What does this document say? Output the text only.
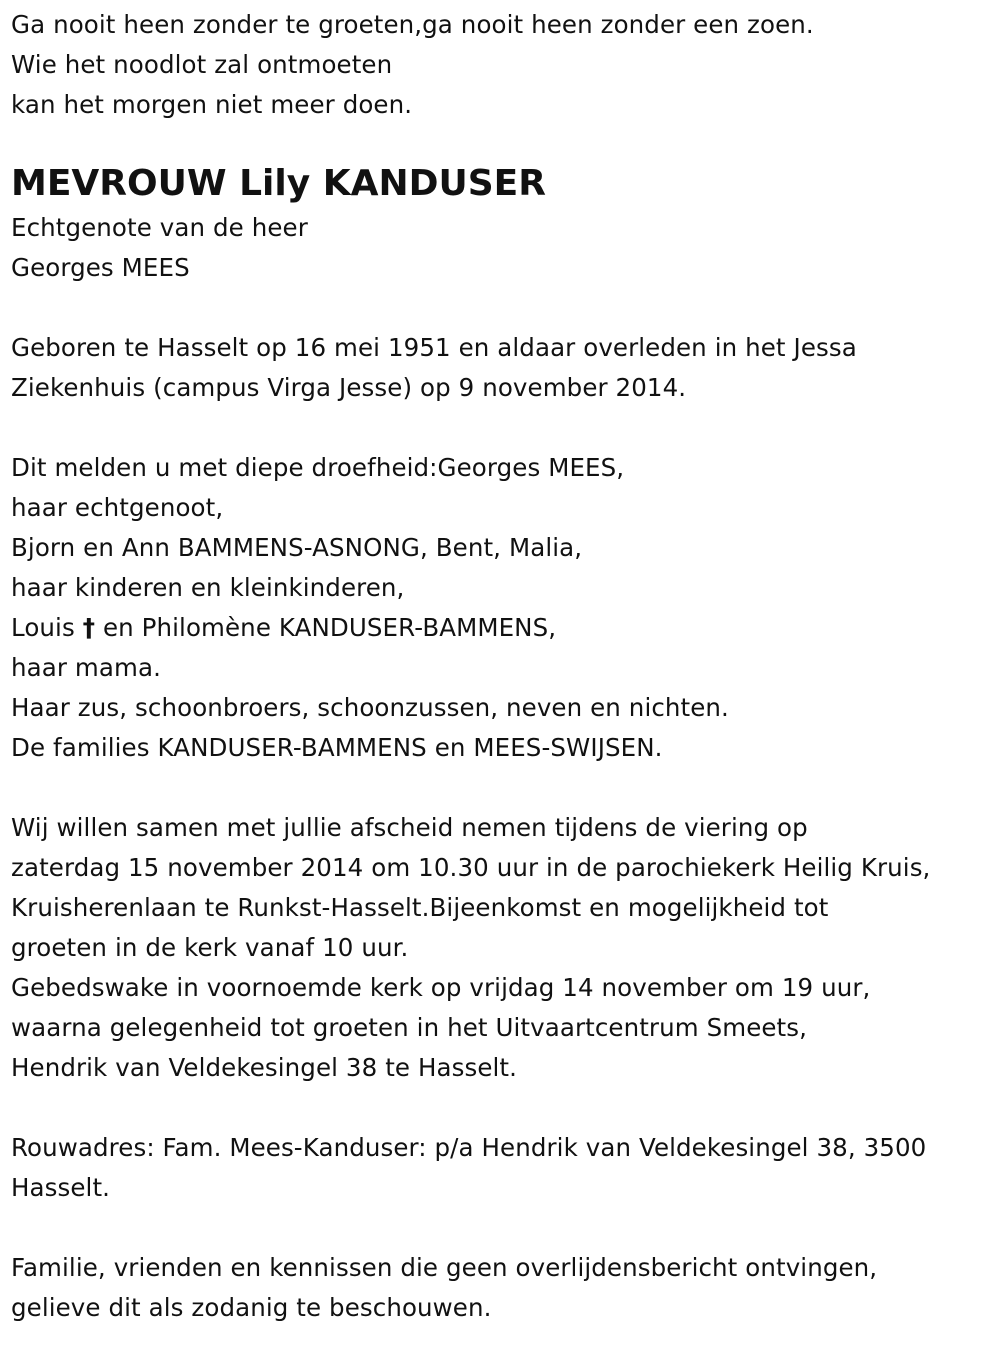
Ga nooit heen zonder te groeten,ga nooit heen zonder een zoen.
Wie het noodlot zal ontmoeten
kan het morgen niet meer doen.
MEVROUW Lily KANDUSER
Echtgenote van de heer
Georges MEES
Geboren te Hasselt op 16 mei 1951 en aldaar overleden in het Jessa
Ziekenhuis (campus Virga Jesse) op 9 november 2014.
Dit melden u met diepe droefheid:Georges MEES,
haar echtgenoot,
Bjorn en Ann BAMMENS-ASNONG, Bent, Malia,
haar kinderen en kleinkinderen,
Louis † en Philomène KANDUSER-BAMMENS,
haar mama.
Haar zus, schoonbroers, schoonzussen, neven en nichten.
De families KANDUSER-BAMMENS en MEES-SWIJSEN.
Wij willen samen met jullie afscheid nemen tijdens de viering op
zaterdag 15 november 2014 om 10.30 uur in de parochiekerk Heilig Kruis,
Kruisherenlaan te Runkst-Hasselt.Bijeenkomst en mogelijkheid tot
groeten in de kerk vanaf 10 uur.
Gebedswake in voornoemde kerk op vrijdag 14 november om 19 uur,
waarna gelegenheid tot groeten in het Uitvaartcentrum Smeets,
Hendrik van Veldekesingel 38 te Hasselt.
Rouwadres: Fam. Mees-Kanduser: p/a Hendrik van Veldekesingel 38, 3500
Hasselt.
Familie, vrienden en kennissen die geen overlijdensbericht ontvingen,
gelieve dit als zodanig te beschouwen.
